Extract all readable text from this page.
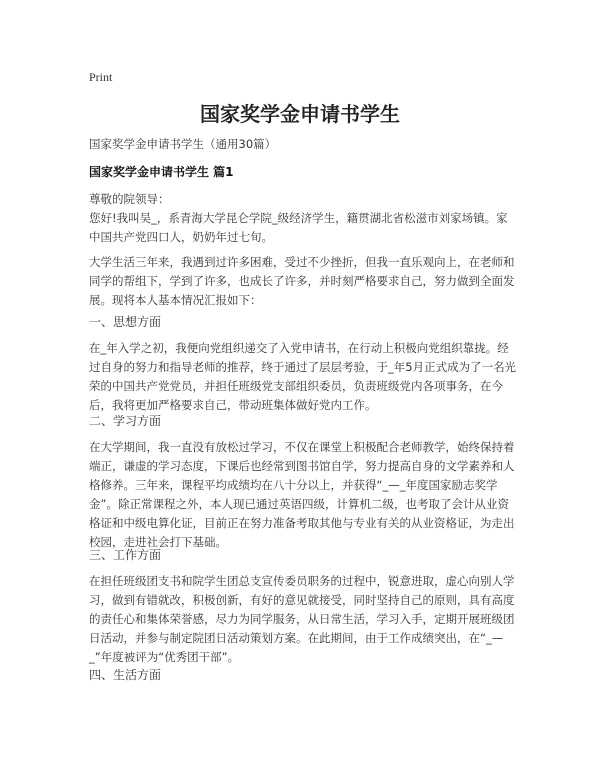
Print
国家奖学金申请书学生
国家奖学金申请书学生（通用30篇）
国家奖学金申请书学生 篇1
尊敬的院领导：
您好!我叫吴_，系青海大学昆仑学院_级经济学生，籍贯湖北省松滋市刘家场镇。家中国共产党四口人，奶奶年过七旬。
大学生活三年来，我遇到过许多困难，受过不少挫折，但我一直乐观向上，在老师和同学的帮组下，学到了许多，也成长了许多，并时刻严格要求自己，努力做到全面发展。现将本人基本情况汇报如下：
一、思想方面
在_年入学之初，我便向党组织递交了入党申请书，在行动上积极向党组织靠拢。经过自身的努力和指导老师的推荐，终于通过了层层考验，于_年5月正式成为了一名光荣的中国共产党党员，并担任班级党支部组织委员，负责班级党内各项事务，在今后，我将更加严格要求自己，带动班集体做好党内工作。
二、学习方面
在大学期间，我一直没有放松过学习，不仅在课堂上积极配合老师教学，始终保持着端正，谦虚的学习态度，下课后也经常到图书馆自学，努力提高自身的文学素养和人格修养。三年来，课程平均成绩均在八十分以上，并获得“_—_年度国家励志奖学金”。除正常课程之外，本人现已通过英语四级，计算机二级，也考取了会计从业资格证和中级电算化证，目前正在努力准备考取其他与专业有关的从业资格证，为走出校园，走进社会打下基础。
三、工作方面
在担任班级团支书和院学生团总支宣传委员职务的过程中，锐意进取，虚心向别人学习，做到有错就改，积极创新，有好的意见就接受，同时坚持自己的原则，具有高度的责任心和集体荣誉感，尽力为同学服务，从日常生活，学习入手，定期开展班级团日活动，并参与制定院团日活动策划方案。在此期间，由于工作成绩突出，在“_—_”年度被评为“优秀团干部”。
四、生活方面
